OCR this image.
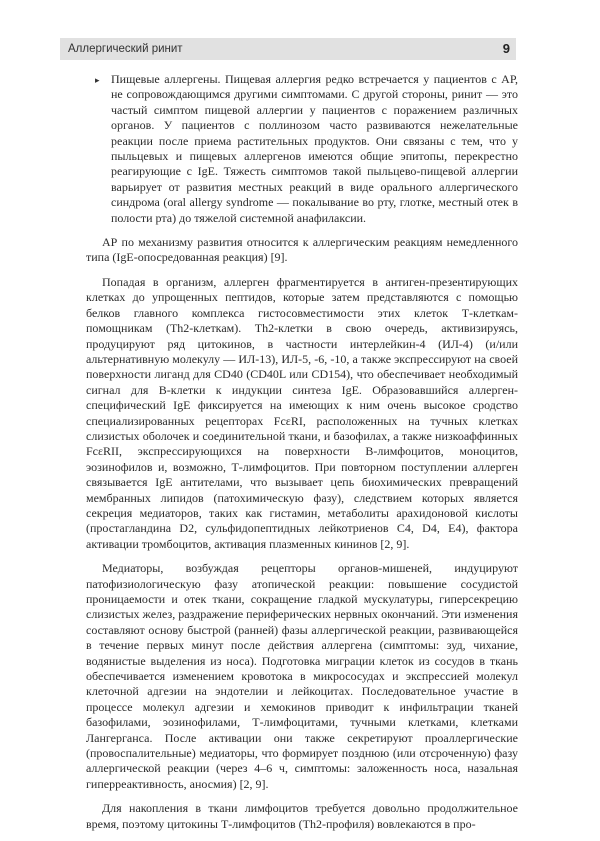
Аллергический ринит	9

▸ Пищевые аллергены. Пищевая аллергия редко встречается у пациентов с АР, не сопровождающимся другими симптомами. С другой стороны, ринит — это частый симптом пищевой аллергии у пациентов с поражением различных органов. У пациентов с поллинозом часто развиваются нежелательные реакции после приема растительных продуктов. Они связаны с тем, что у пыльцевых и пищевых аллергенов имеются общие эпитопы, перекрестно реагирующие с IgE. Тяжесть симптомов такой пыльцево-пищевой аллергии варьирует от развития местных реакций в виде орального аллергического синдрома (oral allergy syndrome — покалывание во рту, глотке, местный отек в полости рта) до тяжелой системной анафилаксии.

АР по механизму развития относится к аллергическим реакциям немедленного типа (IgE-опосредованная реакция) [9].

Попадая в организм, аллерген фрагментируется в антиген-презентирующих клетках до упрощенных пептидов, которые затем представляются с помощью белков главного комплекса гистосовместимости этих клеток Т-клеткам-помощникам (Th2-клеткам). Th2-клетки в свою очередь, активизируясь, продуцируют ряд цитокинов, в частности интерлейкин-4 (ИЛ-4) (и/или альтернативную молекулу — ИЛ-13), ИЛ-5, -6, -10, а также экспрессируют на своей поверхности лиганд для CD40 (CD40L или CD154), что обеспечивает необходимый сигнал для В-клетки к индукции синтеза IgE. Образовавшийся аллерген-специфический IgE фиксируется на имеющих к ним очень высокое сродство специализированных рецепторах FcεRI, расположенных на тучных клетках слизистых оболочек и соединительной ткани, и базофилах, а также низкоаффинных FcεRII, экспрессирующихся на поверхности В-лимфоцитов, моноцитов, эозинофилов и, возможно, Т-лимфоцитов. При повторном поступлении аллерген связывается IgE антителами, что вызывает цепь биохимических превращений мембранных липидов (патохимическую фазу), следствием которых является секреция медиаторов, таких как гистамин, метаболиты арахидоновой кислоты (простагландина D2, сульфидопептидных лейкотриенов С4, D4, Е4), фактора активации тромбоцитов, активация плазменных кининов [2, 9].

Медиаторы, возбуждая рецепторы органов-мишеней, индуцируют патофизиологическую фазу атопической реакции: повышение сосудистой проницаемости и отек ткани, сокращение гладкой мускулатуры, гиперсекрецию слизистых желез, раздражение периферических нервных окончаний. Эти изменения составляют основу быстрой (ранней) фазы аллергической реакции, развивающейся в течение первых минут после действия аллергена (симптомы: зуд, чихание, водянистые выделения из носа). Подготовка миграции клеток из сосудов в ткань обеспечивается изменением кровотока в микрососудах и экспрессией молекул клеточной адгезии на эндотелии и лейкоцитах. Последовательное участие в процессе молекул адгезии и хемокинов приводит к инфильтрации тканей базофилами, эозинофилами, Т-лимфоцитами, тучными клетками, клетками Лангерганса. После активации они также секретируют проаллергические (провоспалительные) медиаторы, что формирует позднюю (или отсроченную) фазу аллергической реакции (через 4–6 ч, симптомы: заложенность носа, назальная гиперреактивность, аносмия) [2, 9].

Для накопления в ткани лимфоцитов требуется довольно продолжительное время, поэтому цитокины Т-лимфоцитов (Th2-профиля) вовлекаются в про-
